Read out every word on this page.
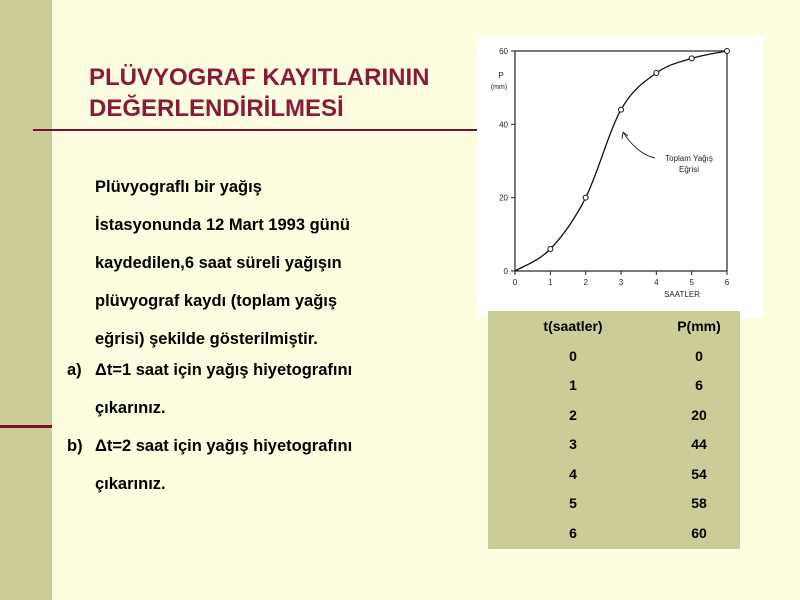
PLÜVYOGRAF KAYITLARININ
DEĞERLENDİRİLMESİ
Plüvyograflı bir yağış
İstasyonunda 12 Mart 1993 günü
kaydedilen,6 saat süreli yağışın
plüvyograf kaydı (toplam yağış
eğrisi) şekilde gösterilmiştir.
a) Δt=1 saat için yağış hiyetografını
çıkarınız.
b) Δt=2 saat için yağış hiyetografını
çıkarınız.
0
20
40
60
0	1	2	3	4	5	6
P
(mm)
SAATLER
Toplam Yağış
Eğrisi
t(saatler)	P(mm)
0	0
1	6
2	20
3	44
4	54
5	58
6	60
